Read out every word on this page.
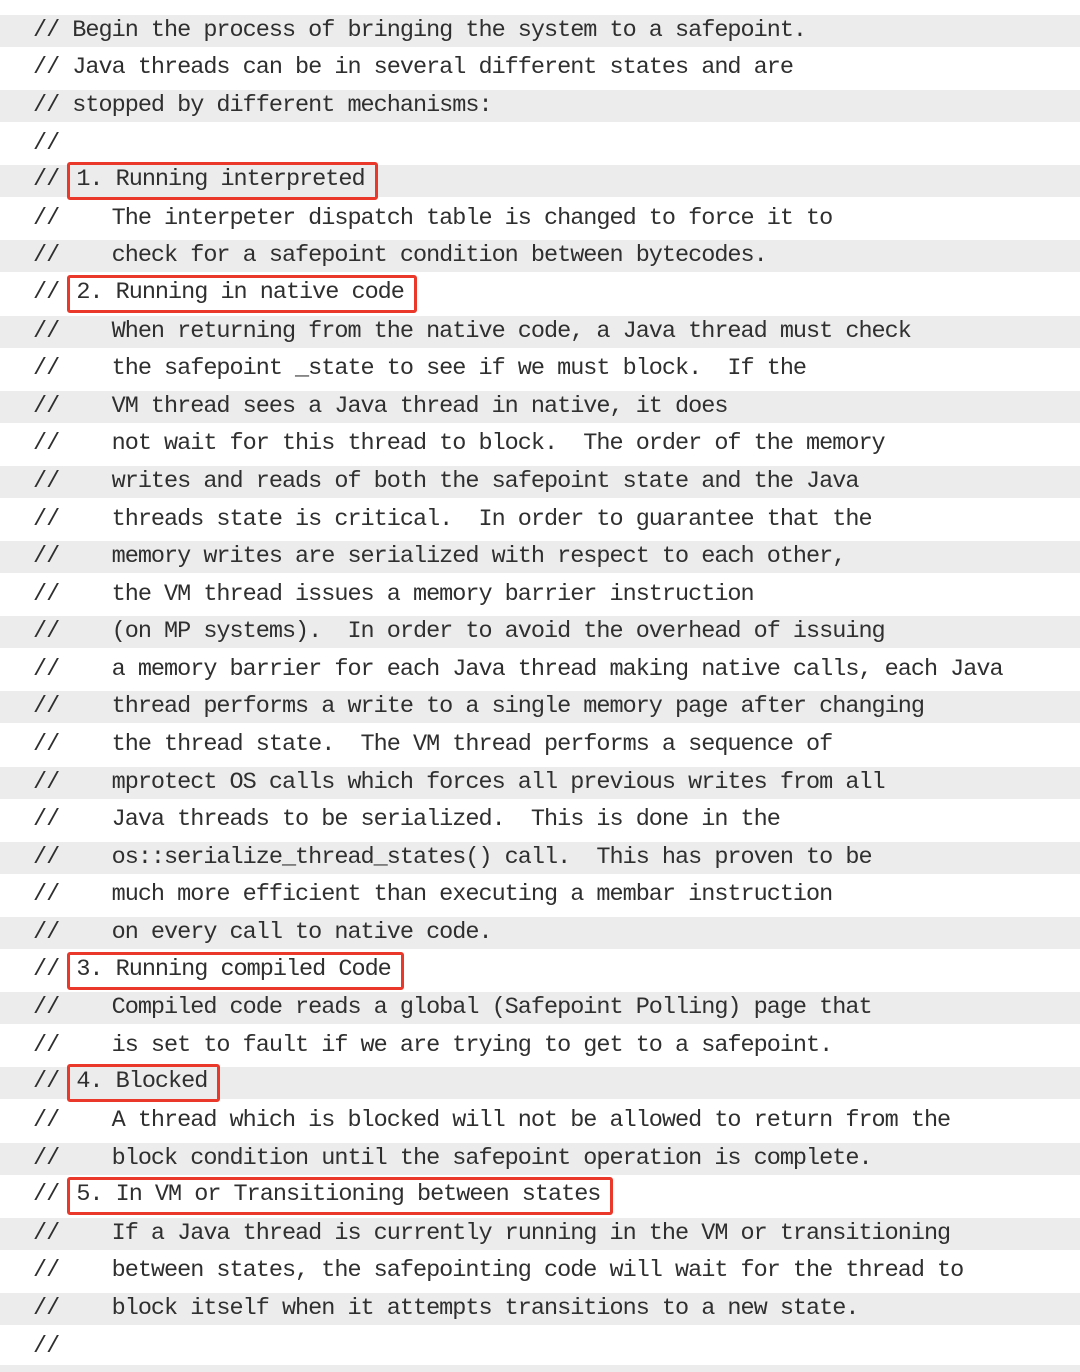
// Begin the process of bringing the system to a safepoint.
// Java threads can be in several different states and are
// stopped by different mechanisms:
//
// 1. Running interpreted
//    The interpeter dispatch table is changed to force it to
//    check for a safepoint condition between bytecodes.
// 2. Running in native code
//    When returning from the native code, a Java thread must check
//    the safepoint _state to see if we must block.  If the
//    VM thread sees a Java thread in native, it does
//    not wait for this thread to block.  The order of the memory
//    writes and reads of both the safepoint state and the Java
//    threads state is critical.  In order to guarantee that the
//    memory writes are serialized with respect to each other,
//    the VM thread issues a memory barrier instruction
//    (on MP systems).  In order to avoid the overhead of issuing
//    a memory barrier for each Java thread making native calls, each Java
//    thread performs a write to a single memory page after changing
//    the thread state.  The VM thread performs a sequence of
//    mprotect OS calls which forces all previous writes from all
//    Java threads to be serialized.  This is done in the
//    os::serialize_thread_states() call.  This has proven to be
//    much more efficient than executing a membar instruction
//    on every call to native code.
// 3. Running compiled Code
//    Compiled code reads a global (Safepoint Polling) page that
//    is set to fault if we are trying to get to a safepoint.
// 4. Blocked
//    A thread which is blocked will not be allowed to return from the
//    block condition until the safepoint operation is complete.
// 5. In VM or Transitioning between states
//    If a Java thread is currently running in the VM or transitioning
//    between states, the safepointing code will wait for the thread to
//    block itself when it attempts transitions to a new state.
//
